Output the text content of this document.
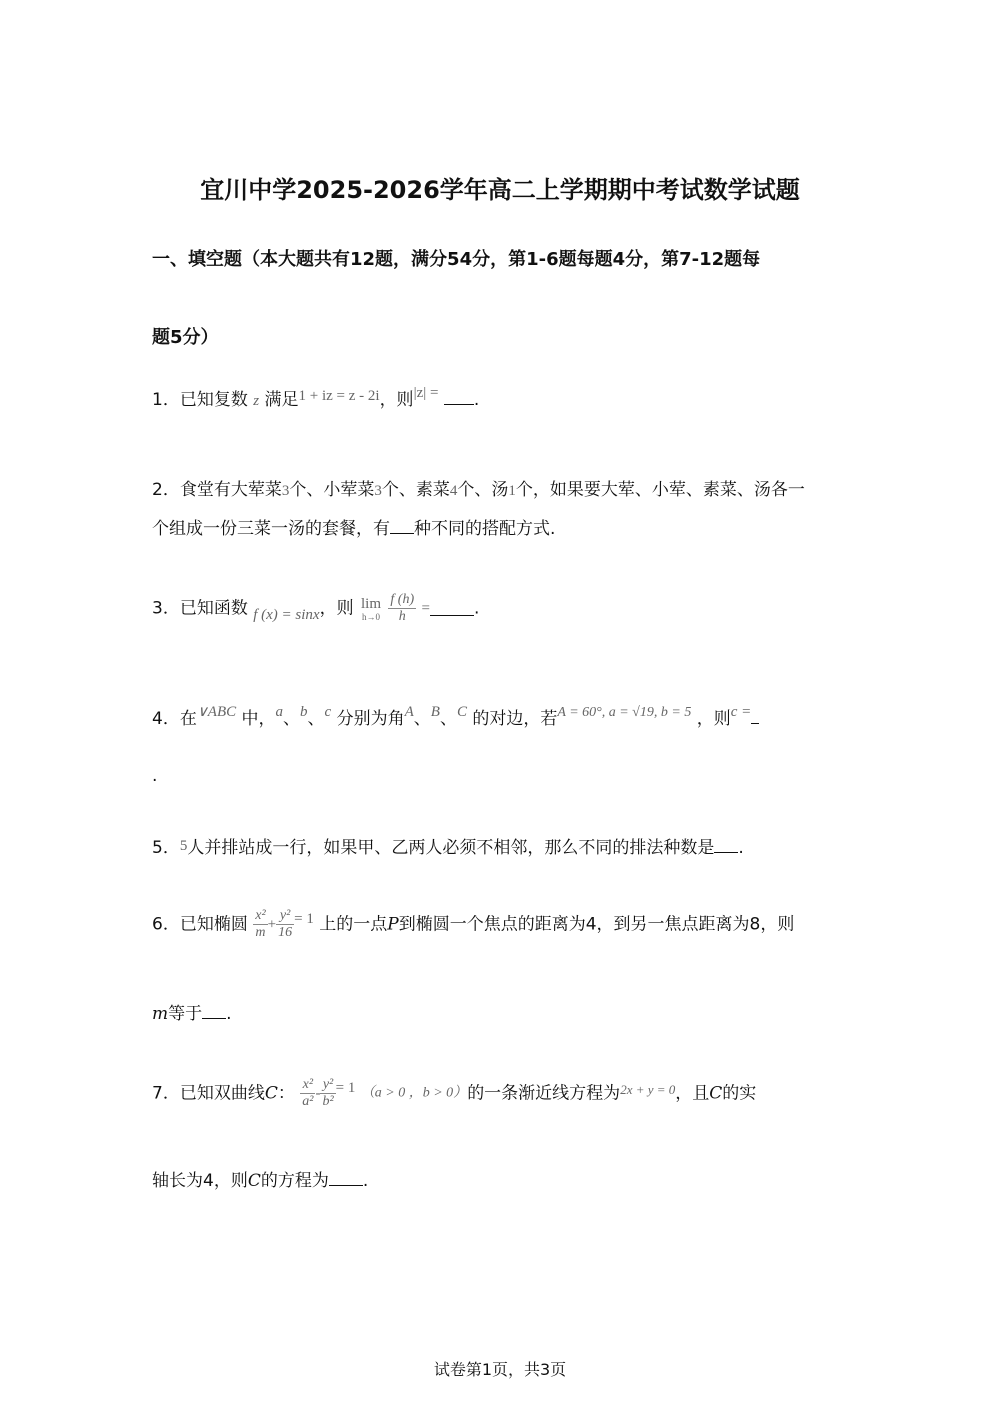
宜川中学2025-2026学年高二上学期期中考试数学试题
一、填空题（本大题共有12题，满分54分，第1-6题每题4分，第7-12题每
题5分）
1．已知复数 z 满足1 + iz = z - 2i，则|z| = .
2．食堂有大荤菜3个、小荤菜3个、素菜4个、汤1个，如果要大荤、小荤、素菜、汤各一
个组成一份三菜一汤的套餐，有 种不同的搭配方式.
3．已知函数 f (x) = sinx，则 lim
h→0
$\frac{f (h)}{h}$ =	.
4．在∨ABC 中，a、b、c 分别为角A、B、C 的对边，若$^{A = 60^\circ, a = √19, b = 5}$ ，则c =
.
5．5人并排站成一行，如果甲、乙两人必须不相邻，那么不同的排法种数是 .
6．已知椭圆 $\frac{\text{x²}}{m} + \frac{\text{y²}}{16} = 1$ 上的一点P到椭圆一个焦点的距离为4，到另一焦点距离为8，则
m等于 .
7．已知双曲线C： $\frac{\text{x²}}{\text{a²}} - \frac{\text{y²}}{\text{b²}} = 1$ （a > 0 ，b > 0）的一条渐近线方程为$^{2x + y = 0}$，且C的实
轴长为4，则C的方程为 .
试卷第1页，共3页
